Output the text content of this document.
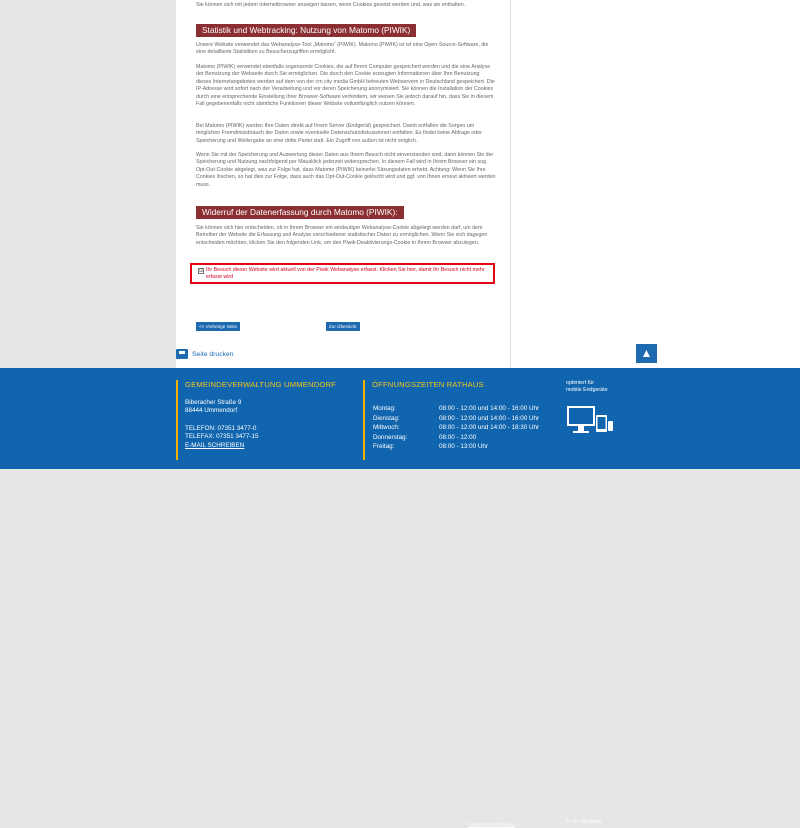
Sie können sich mit jedem Internetbrowser anzeigen lassen, wenn Cookies gesetzt werden und, was sie enthalten.
Statistik und Webtracking: Nutzung von Matomo (PIWIK)
Unsere Website verwendet das Webanalyse-Tool „Matomo“ (PIWIK). Matomo (PIWIK) ist ist eine Open-Source-Software, die eine detaillierte Statistiken zu Besucherzugriffen ermöglicht.
Matomo (PIWIK) verwendet ebenfalls sogenannte Cookies, die auf Ihrem Computer gespeichert werden und die eine Analyse der Benutzung der Webseite durch Sie ermöglichen. Die durch den Cookie erzeugten Informationen über Ihre Benutzung dieses Internetangebotes werden auf dem von der cm city media GmbH betreuten Webservern in Deutschland gespeichert. Die IP-Adresse wird sofort nach der Verarbeitung und vor deren Speicherung anonymisiert. Sie können die Installation der Cookies durch eine entsprechende Einstellung Ihrer Browser-Software verhindern, wir weisen Sie jedoch darauf hin, dass Sie in diesem Fall gegebenenfalls nicht sämtliche Funktionen dieser Website vollumfänglich nutzen können.
Bei Matomo (PIWIK) werden Ihre Daten direkt auf Ihrem Server (Endgerät) gespeichert. Damit entfallen die Sorgen um möglichen Fremdmissbrauch der Daten sowie eventuelle Datenschutzdiskussionen entfallen. Es findet keine Abfrage oder Speicherung und Weitergabe an eine dritte Partei statt. Ein Zugriff von außen ist nicht möglich.
Wenn Sie mit der Speicherung und Auswertung dieser Daten aus Ihrem Besuch nicht einverstanden sind, dann können Sie der Speicherung und Nutzung nachfolgend per Mausklick jederzeit widersprechen. In diesem Fall wird in Ihrem Browser ein sog. Opt-Out-Cookie abgelegt, was zur Folge hat, dass Matomo (PIWIK) keinerlei Sitzungsdaten erhebt. Achtung: Wenn Sie Ihre Cookies löschen, so hat dies zur Folge, dass auch das Opt-Out-Cookie gelöscht wird und ggf. von Ihnen erneut aktiviert werden muss.
Widerruf der Datenerfassung durch Matomo (PIWIK):
Sie können sich hier entscheiden, ob in Ihrem Browser ein eindeutiger Webanalyse-Cookie abgelegt werden darf, um dem Betreiber der Website die Erfassung und Analyse verschiedener statistischer Daten zu ermöglichen. Wenn Sie sich dagegen entscheiden möchten, klicken Sie den folgenden Link, um den Piwik-Deaktivierungs-Cookie in Ihrem Browser abzulegen.
☑ Ihr Besuch dieser Website wird aktuell von der Piwik Webanalyse erfasst. Klicken Sie hier, damit Ihr Besuch nicht mehr erfasst wird
<< Vorherige Seite	Zur Übersicht
Seite drucken	▲
GEMEINDEVERWALTUNG UMMENDORF
Biberacher Straße 9
88444 Ummendorf
TELEFON: 07351 3477-0
TELEFAX: 07351 3477-15
E-MAIL SCHREIBEN
ÖFFNUNGSZEITEN RATHAUS
Montag:	08:00 - 12:00 und 14:00 - 16:00 Uhr
Dienstag:	08:00 - 12:00 und 14:00 - 16:00 Uhr
Mittwoch:	08:00 - 12:00 und 14:00 - 18:30 Uhr
Donnerstag:	08:00 - 12:00
Freitag:	08:00 - 13:00 Uhr
optimiert für
mobile Endgeräte
Datenschutzerklärung
© cm city media
